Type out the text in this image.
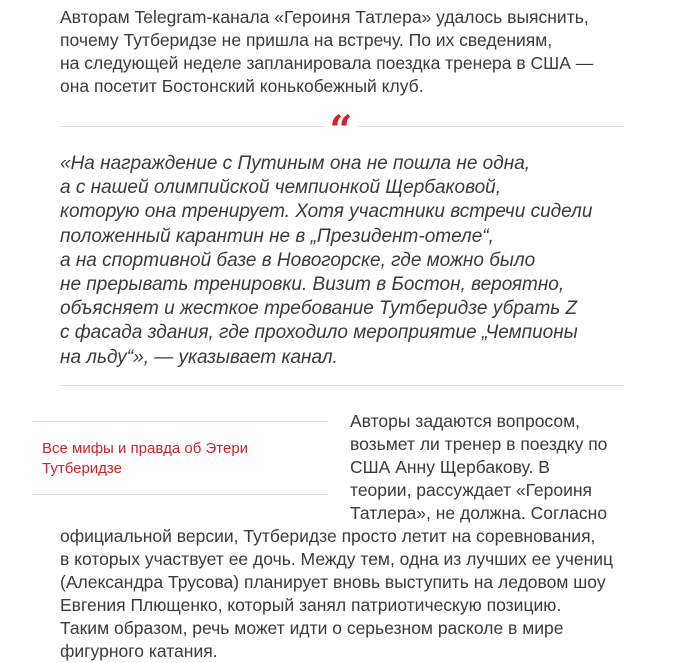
Авторам Telegram-канала «Героиня Татлера» удалось выяснить,
почему Тутберидзе не пришла на встречу. По их сведениям,
на следующей неделе запланировала поездка тренера в США —
она посетит Бостонский конькобежный клуб.
“
«На награждение с Путиным она не пошла не одна,
а с нашей олимпийской чемпионкой Щербаковой,
которую она тренирует. Хотя участники встречи сидели
положенный карантин не в „Президент-отеле“,
а на спортивной базе в Новогорске, где можно было
не прерывать тренировки. Визит в Бостон, вероятно,
объясняет и жесткое требование Тутберидзе убрать Z
с фасада здания, где проходило мероприятие „Чемпионы
на льду“», — указывает канал.
Все мифы и правда об Этери
Тутберидзе
Авторы задаются вопросом,
возьмет ли тренер в поездку по
США Анну Щербакову. В
теории, рассуждает «Героиня
Татлера», не должна. Согласно
официальной версии, Тутберидзе просто летит на соревнования,
в которых участвует ее дочь. Между тем, одна из лучших ее учениц
(Александра Трусова) планирует вновь выступить на ледовом шоу
Евгения Плющенко, который занял патриотическую позицию.
Таким образом, речь может идти о серьезном расколе в мире
фигурного катания.
